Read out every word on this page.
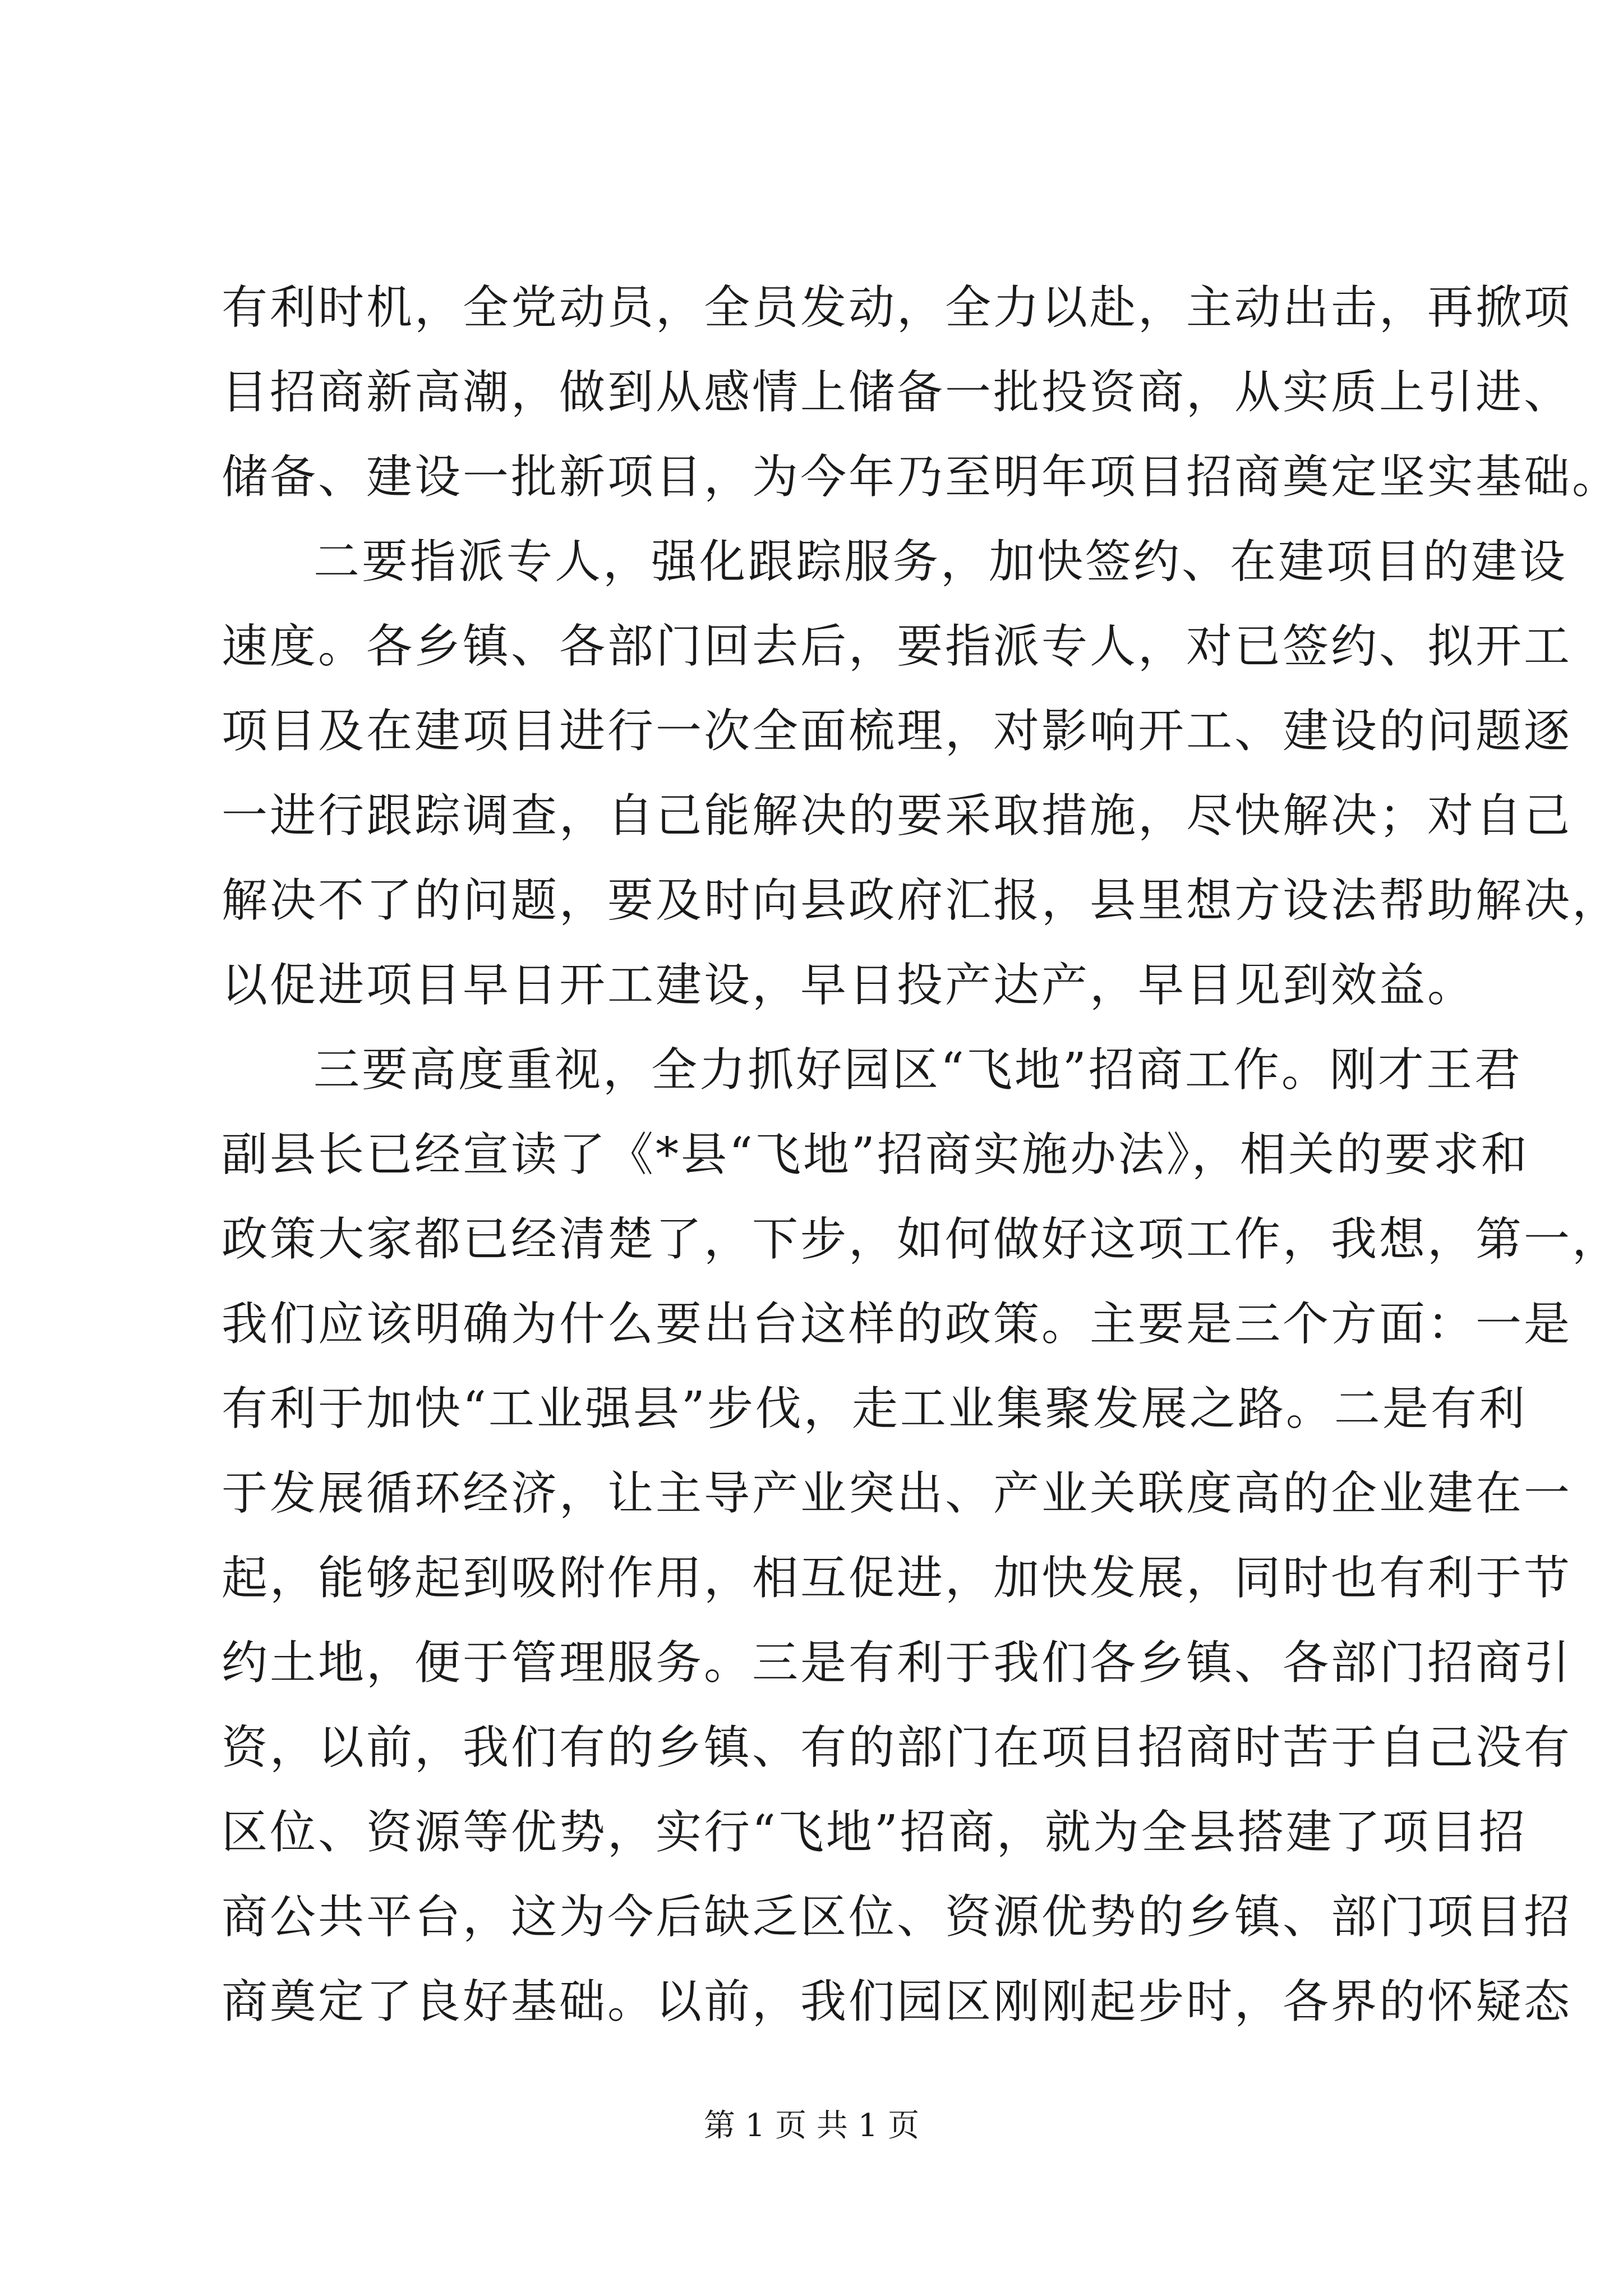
有利时机，全党动员，全员发动，全力以赴，主动出击，再掀项
目招商新高潮，做到从感情上储备一批投资商，从实质上引进、
储备、建设一批新项目，为今年乃至明年项目招商奠定坚实基础。
二要指派专人，强化跟踪服务，加快签约、在建项目的建设
速度。各乡镇、各部门回去后，要指派专人，对已签约、拟开工
项目及在建项目进行一次全面梳理，对影响开工、建设的问题逐
一进行跟踪调查，自己能解决的要采取措施，尽快解决；对自己
解决不了的问题，要及时向县政府汇报，县里想方设法帮助解决，
以促进项目早日开工建设，早日投产达产，早目见到效益。
三要高度重视，全力抓好园区“飞地”招商工作。刚才王君
副县长已经宣读了《*县“飞地”招商实施办法》，相关的要求和
政策大家都已经清楚了，下步，如何做好这项工作，我想，第一，
我们应该明确为什么要出台这样的政策。主要是三个方面：一是
有利于加快“工业强县”步伐，走工业集聚发展之路。二是有利
于发展循环经济，让主导产业突出、产业关联度高的企业建在一
起，能够起到吸附作用，相互促进，加快发展，同时也有利于节
约土地，便于管理服务。三是有利于我们各乡镇、各部门招商引
资，以前，我们有的乡镇、有的部门在项目招商时苦于自己没有
区位、资源等优势，实行“飞地”招商，就为全县搭建了项目招
商公共平台，这为今后缺乏区位、资源优势的乡镇、部门项目招
商奠定了良好基础。以前，我们园区刚刚起步时，各界的怀疑态
第 1 页 共 1 页
